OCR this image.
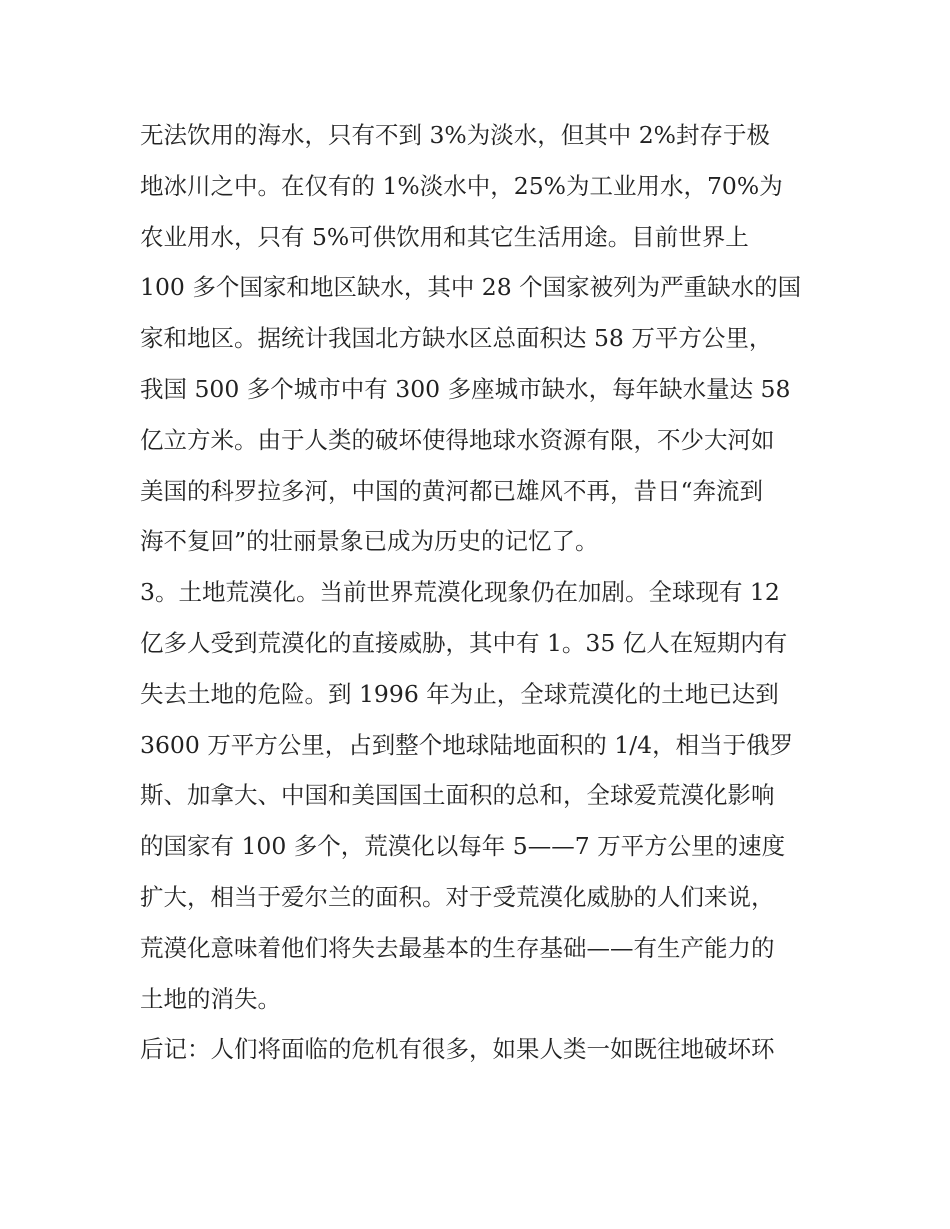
无法饮用的海水，只有不到 3%为淡水，但其中 2%封存于极
地冰川之中。在仅有的 1%淡水中，25%为工业用水，70%为
农业用水，只有 5%可供饮用和其它生活用途。目前世界上
100 多个国家和地区缺水，其中 28 个国家被列为严重缺水的国
家和地区。据统计我国北方缺水区总面积达 58 万平方公里，
我国 500 多个城市中有 300 多座城市缺水，每年缺水量达 58
亿立方米。由于人类的破坏使得地球水资源有限，不少大河如
美国的科罗拉多河，中国的黄河都已雄风不再，昔日“奔流到
海不复回”的壮丽景象已成为历史的记忆了。
3。土地荒漠化。当前世界荒漠化现象仍在加剧。全球现有 12
亿多人受到荒漠化的直接威胁，其中有 1。35 亿人在短期内有
失去土地的危险。到 1996 年为止，全球荒漠化的土地已达到
3600 万平方公里，占到整个地球陆地面积的 1/4，相当于俄罗
斯、加拿大、中国和美国国土面积的总和，全球爱荒漠化影响
的国家有 100 多个，荒漠化以每年 5——7 万平方公里的速度
扩大，相当于爱尔兰的面积。对于受荒漠化威胁的人们来说，
荒漠化意味着他们将失去最基本的生存基础——有生产能力的
土地的消失。
后记：人们将面临的危机有很多，如果人类一如既往地破坏环
